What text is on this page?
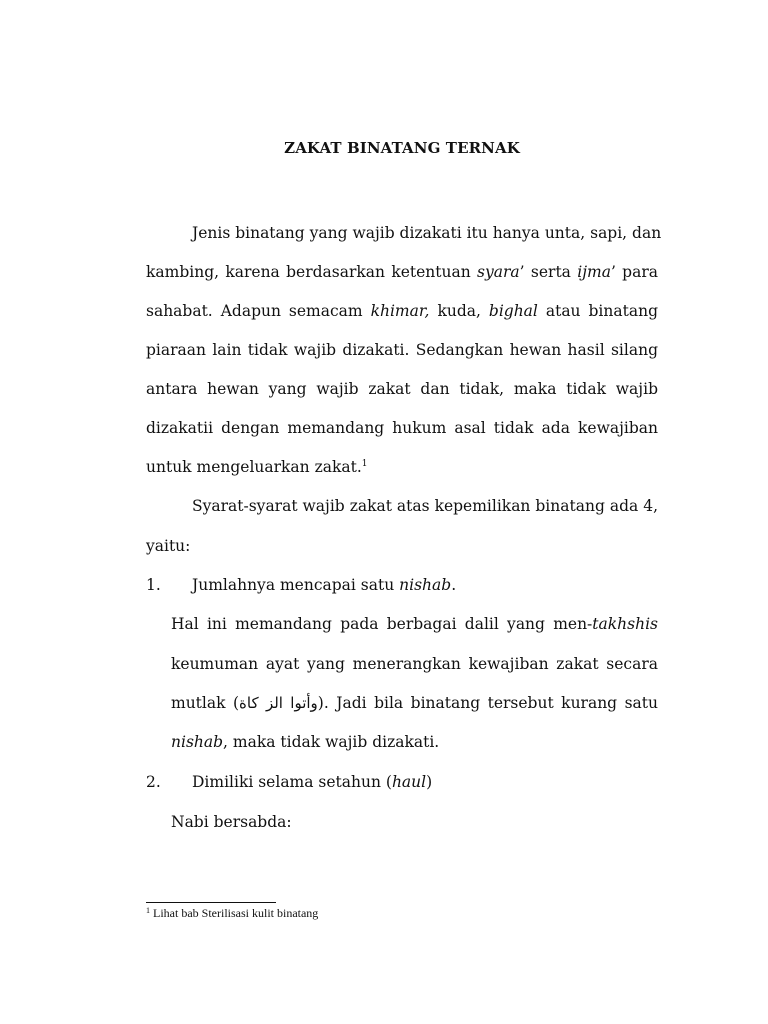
ZAKAT BINATANG TERNAK
Jenis binatang yang wajib dizakati itu hanya unta, sapi, dan
kambing, karena berdasarkan ketentuan syara’ serta ijma’ para
sahabat. Adapun semacam khimar, kuda, bighal atau binatang
piaraan lain tidak wajib dizakati. Sedangkan hewan hasil silang
antara hewan yang wajib zakat dan tidak, maka tidak wajib
dizakatii dengan memandang hukum asal tidak ada kewajiban
untuk mengeluarkan zakat.$^1$
Syarat-syarat wajib zakat atas kepemilikan binatang ada 4,
yaitu:
1. Jumlahnya mencapai satu nishab.
Hal ini memandang pada berbagai dalil yang men-takhshis
keumuman ayat yang menerangkan kewajiban zakat secara
mutlak (وأتوا الز كاة). Jadi bila binatang tersebut kurang satu
nishab, maka tidak wajib dizakati.
2. Dimiliki selama setahun (haul)
Nabi bersabda:
$^1$ Lihat bab Sterilisasi kulit binatang
